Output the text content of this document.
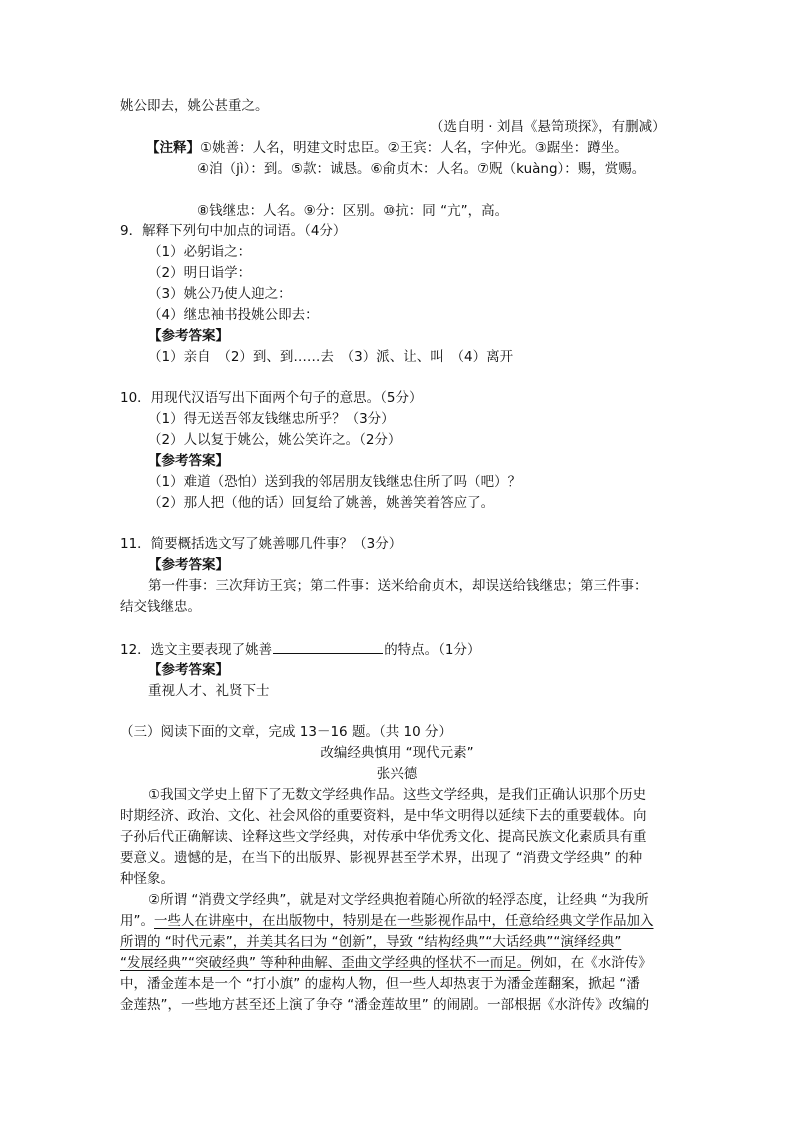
姚公即去，姚公甚重之。
（选自明 · 刘昌《悬笥琐探》，有删减）
【注释】①姚善：人名，明建文时忠臣。②王宾：人名，字仲光。③踞坐：蹲坐。
④洎（jì）：到。⑤款：诚恳。⑥俞贞木：人名。⑦贶（kuàng）：赐，赏赐。
⑧钱继忠：人名。⑨分：区别。⑩抗：同 “亢”，高。
9．解释下列句中加点的词语。（4分）
（1）必躬诣之：
（2）明日诣学：
（3）姚公乃使人迎之：
（4）继忠袖书投姚公即去：
【参考答案】
（1）亲自　（2）到、到……去　（3）派、让、叫　（4）离开
10．用现代汉语写出下面两个句子的意思。（5分）
（1）得无送吾邻友钱继忠所乎？（3分）
（2）人以复于姚公，姚公笑许之。（2分）
【参考答案】
（1）难道（恐怕）送到我的邻居朋友钱继忠住所了吗（吧）？
（2）那人把（他的话）回复给了姚善，姚善笑着答应了。
11．简要概括选文写了姚善哪几件事？（3分）
【参考答案】
第一件事：三次拜访王宾；第二件事：送米给俞贞木，却误送给钱继忠；第三件事：
结交钱继忠。
12．选文主要表现了姚善	的特点。（1分）
【参考答案】
重视人才、礼贤下士
（三）阅读下面的文章，完成 13－16 题。（共 10 分）
改编经典慎用 “现代元素”
张兴德
①我国文学史上留下了无数文学经典作品。这些文学经典，是我们正确认识那个历史
时期经济、政治、文化、社会风俗的重要资料，是中华文明得以延续下去的重要载体。向
子孙后代正确解读、诠释这些文学经典，对传承中华优秀文化、提高民族文化素质具有重
要意义。遗憾的是，在当下的出版界、影视界甚至学术界，出现了 “消费文学经典” 的种
种怪象。
②所谓 “消费文学经典”，就是对文学经典抱着随心所欲的轻浮态度，让经典 “为我所
用”。一些人在讲座中，在出版物中，特别是在一些影视作品中，任意给经典文学作品加入
所谓的 “时代元素”，并美其名曰为 “创新”，导致 “结构经典”“大话经典”“演绎经典”
“发展经典”“突破经典” 等种种曲解、歪曲文学经典的怪状不一而足。例如，在《水浒传》
中，潘金莲本是一个 “打小旗” 的虚构人物，但一些人却热衷于为潘金莲翻案，掀起 “潘
金莲热”，一些地方甚至还上演了争夺 “潘金莲故里” 的闹剧。一部根据《水浒传》改编的
